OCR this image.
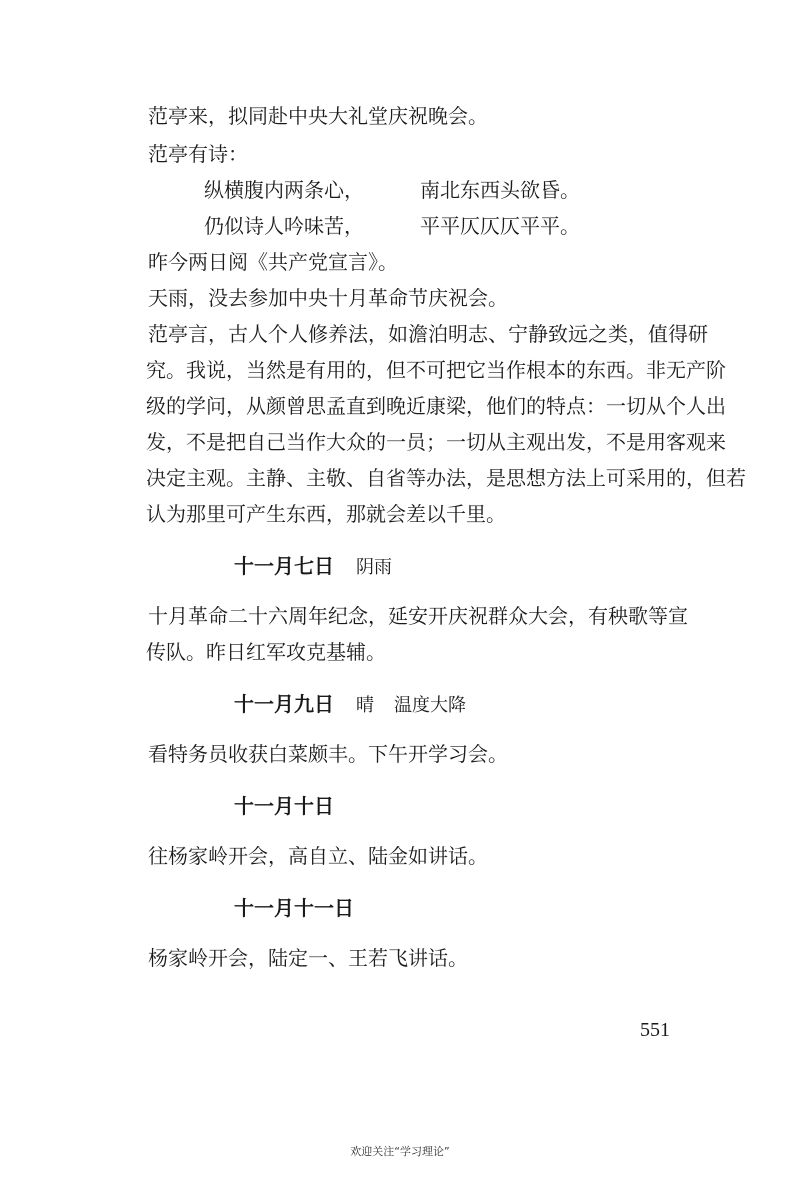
范亭来，拟同赴中央大礼堂庆祝晚会。
范亭有诗：
纵横腹内两条心，	南北东西头欲昏。
仍似诗人吟味苦，	平平仄仄仄平平。
昨今两日阅《共产党宣言》。
天雨，没去参加中央十月革命节庆祝会。
范亭言，古人个人修养法，如澹泊明志、宁静致远之类，值得研
究。我说，当然是有用的，但不可把它当作根本的东西。非无产阶
级的学问，从颜曾思孟直到晚近康梁，他们的特点：一切从个人出
发，不是把自己当作大众的一员；一切从主观出发，不是用客观来
决定主观。主静、主敬、自省等办法，是思想方法上可采用的，但若
认为那里可产生东西，那就会差以千里。
十一月七日 阴雨
十月革命二十六周年纪念，延安开庆祝群众大会，有秧歌等宣
传队。昨日红军攻克基辅。
十一月九日 晴 温度大降
看特务员收获白菜颇丰。下午开学习会。
十一月十日
往杨家岭开会，高自立、陆金如讲话。
十一月十一日
杨家岭开会，陆定一、王若飞讲话。
551
欢迎关注“学习理论”
